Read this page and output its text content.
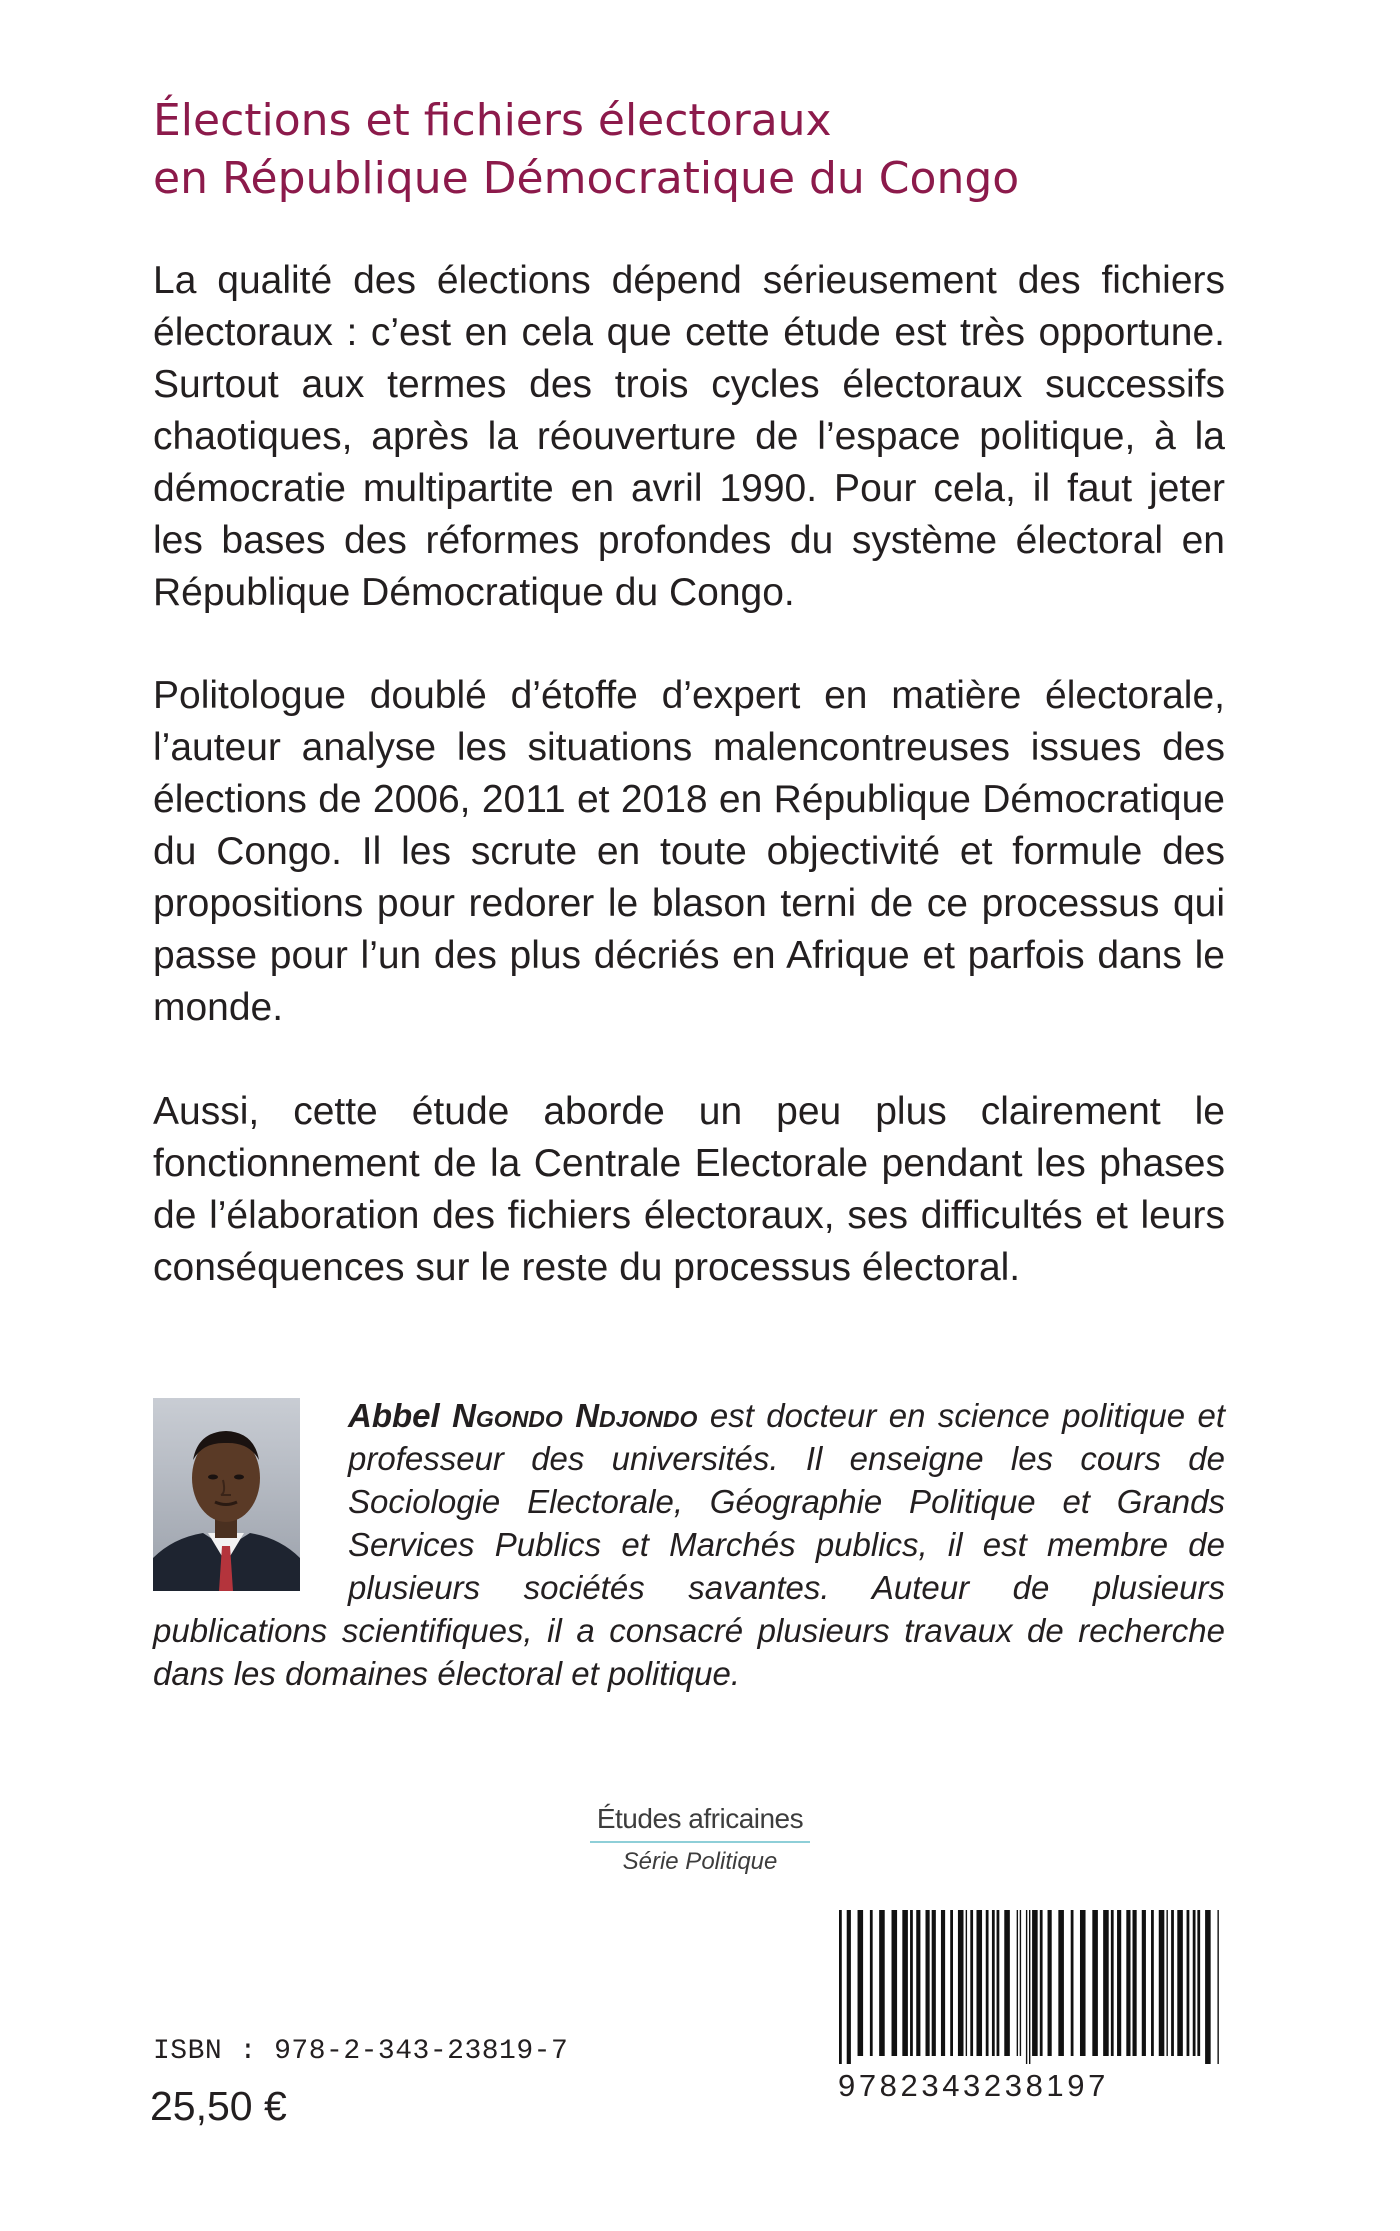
Élections et fichiers électoraux
en République Démocratique du Congo

La qualité des élections dépend sérieusement des fichiers électoraux : c’est en cela que cette étude est très opportune. Surtout aux termes des trois cycles électoraux successifs chaotiques, après la réouverture de l’espace politique, à la démocratie multipartite en avril 1990. Pour cela, il faut jeter les bases des réformes profondes du système électoral en République Démocratique du Congo.

Politologue doublé d’étoffe d’expert en matière électorale, l’auteur analyse les situations malencontreuses issues des élections de 2006, 2011 et 2018 en République Démocratique du Congo. Il les scrute en toute objectivité et formule des propositions pour redorer le blason terni de ce processus qui passe pour l’un des plus décriés en Afrique et parfois dans le monde.

Aussi, cette étude aborde un peu plus clairement le fonctionnement de la Centrale Electorale pendant les phases de l’élaboration des fichiers électoraux, ses difficultés et leurs conséquences sur le reste du processus électoral.

Abbel Ngondo Ndjondo est docteur en science politique et professeur des universités. Il enseigne les cours de Sociologie Electorale, Géographie Politique et Grands Services Publics et Marchés publics, il est membre de plusieurs sociétés savantes. Auteur de plusieurs publications scientifiques, il a consacré plusieurs travaux de recherche dans les domaines électoral et politique.

Études africaines
Série Politique
ISBN : 978-2-343-23819-7
25,50 €	9782343238197
